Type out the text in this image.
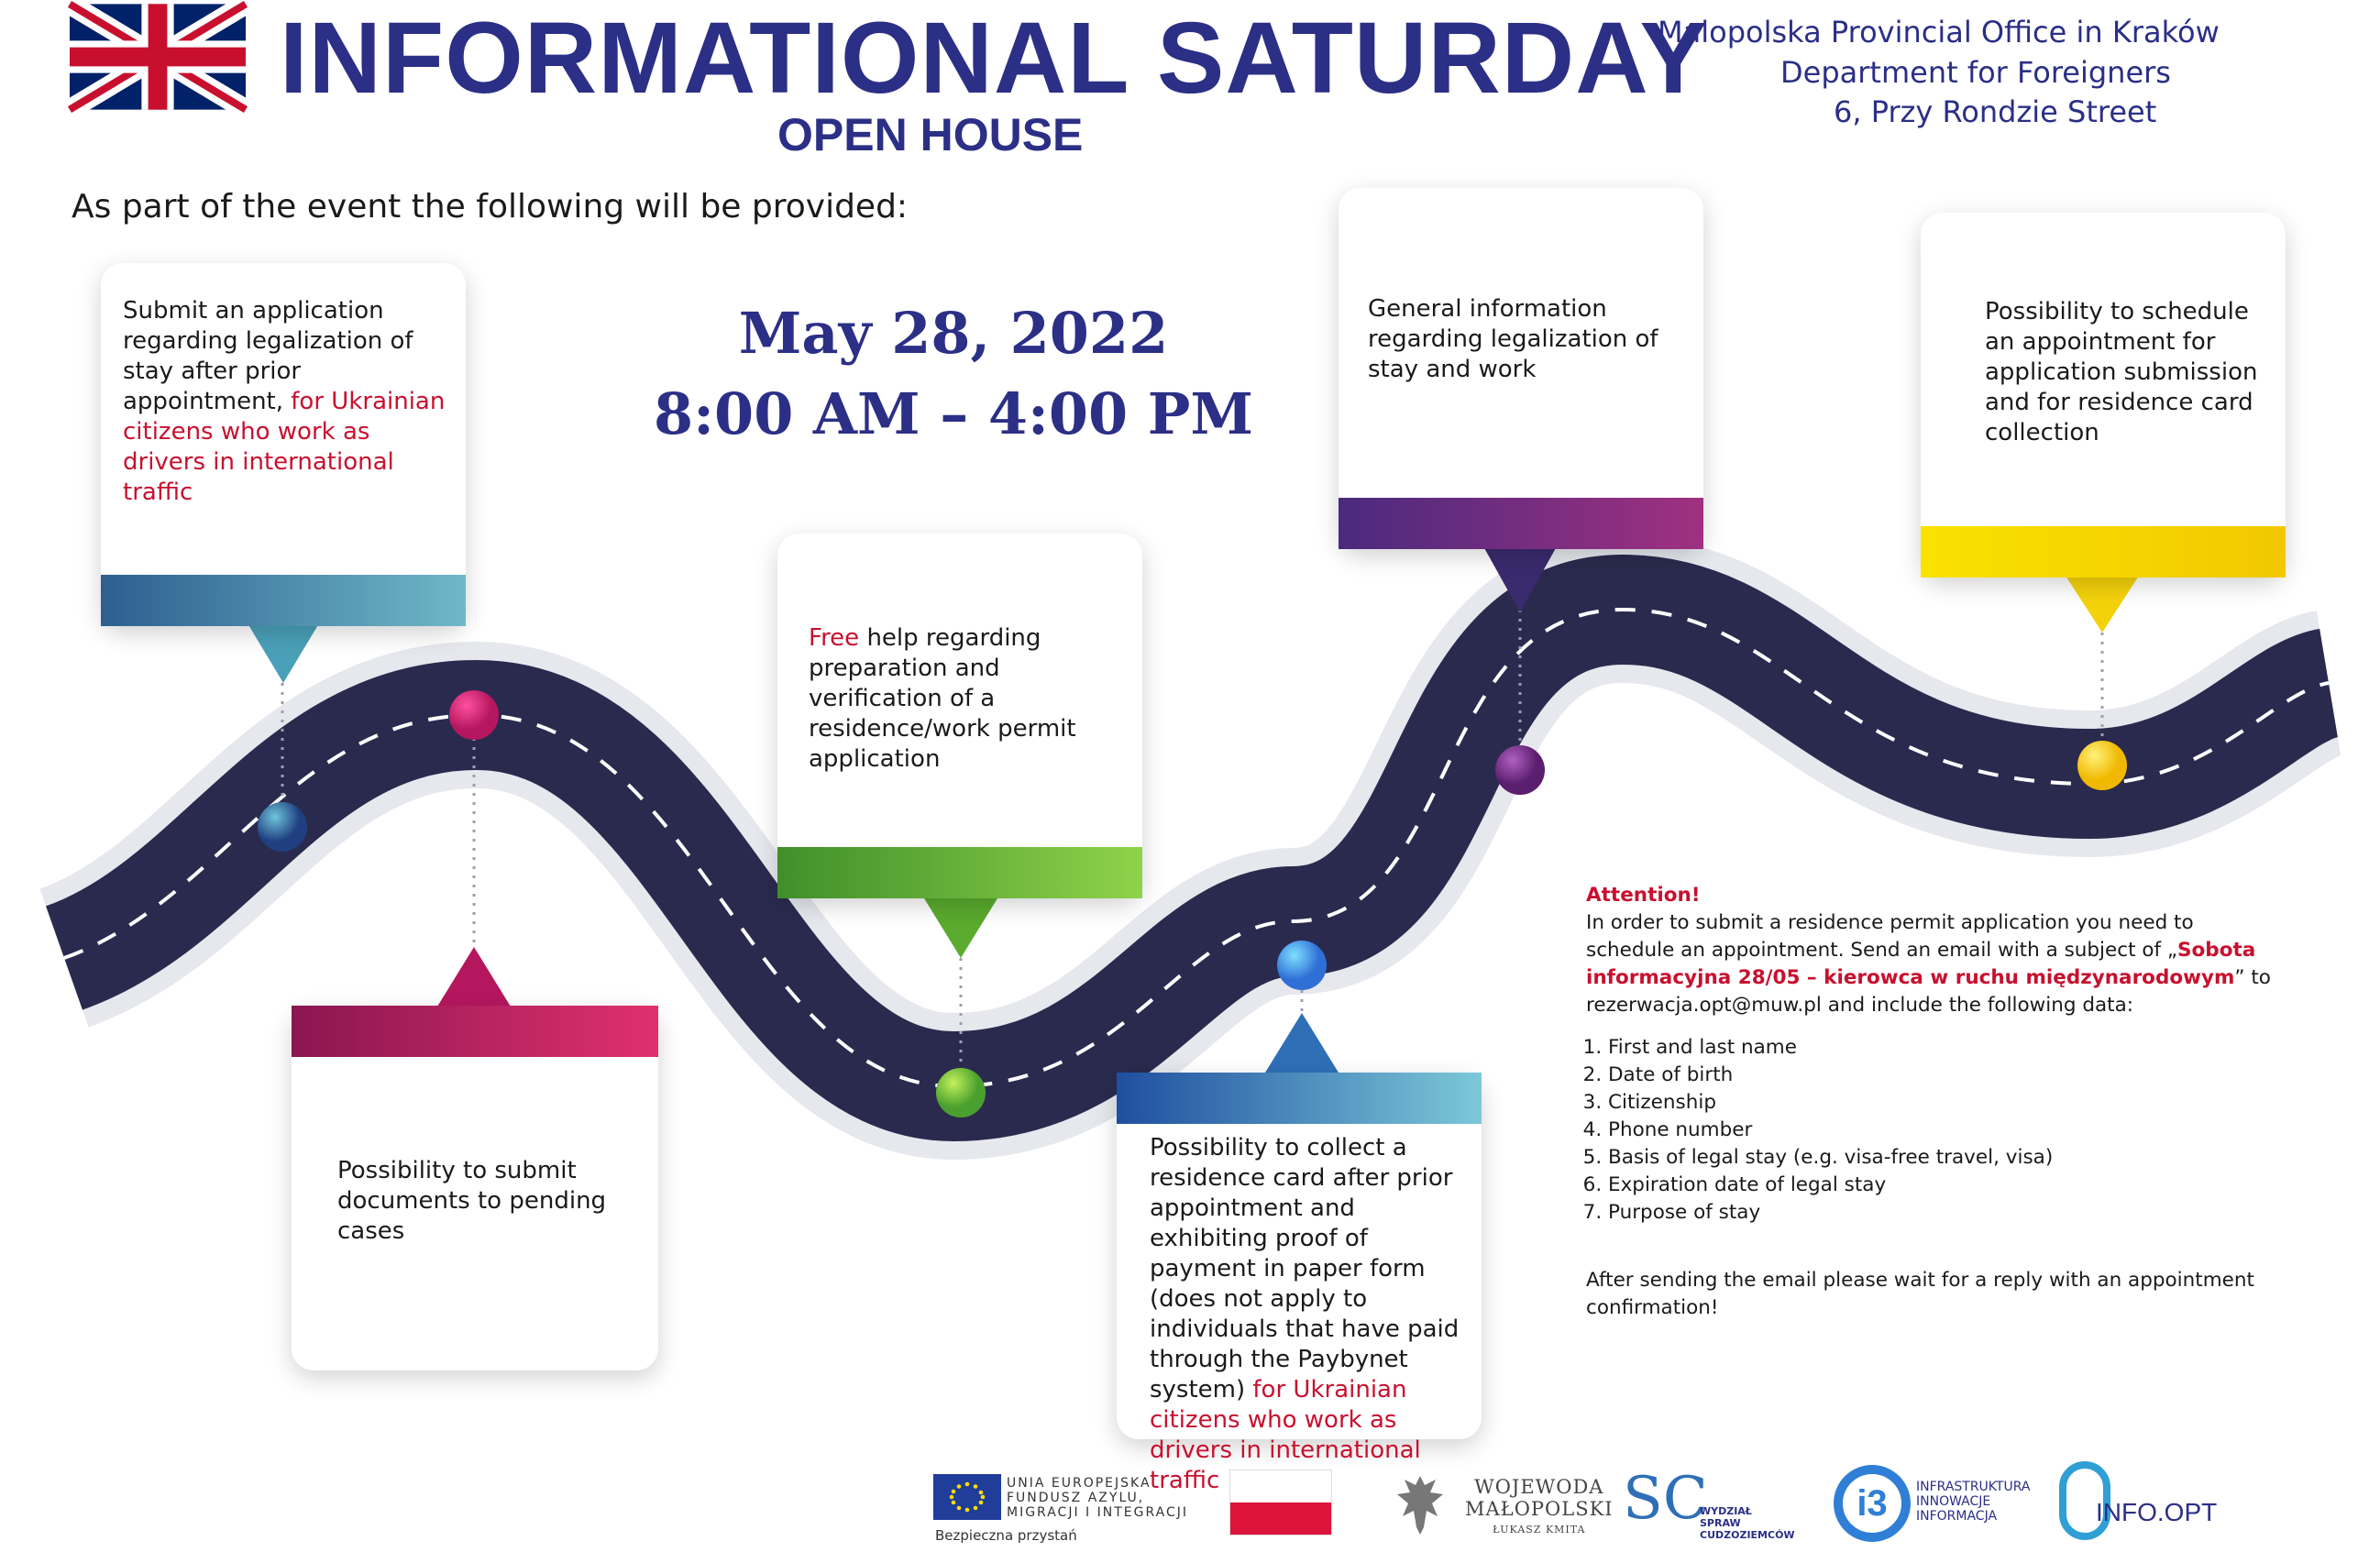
INFORMATIONAL SATURDAY
OPEN HOUSE
Malopolska Provincial Office in Kraków
Department for Foreigners
6, Przy Rondzie Street
As part of the event the following will be provided:
May 28, 2022
8:00 AM – 4:00 PM
Submit an application regarding legalization of stay after prior appointment, for Ukrainian citizens who work as drivers in international traffic
Possibility to submit documents to pending cases
Free help regarding preparation and verification of a residence/work permit application
Possibility to collect a residence card after prior appointment and exhibiting proof of payment in paper form (does not apply to individuals that have paid through the Paybynet system) for Ukrainian citizens who work as drivers in international traffic
General information regarding legalization of stay and work
Possibility to schedule an appointment for application submission and for residence card collection
Attention!
In order to submit a residence permit application you need to schedule an appointment. Send an email with a subject of „Sobota informacyjna 28/05 – kierowca w ruchu międzynarodowym” to rezerwacja.opt@muw.pl and include the following data:
1. First and last name
2. Date of birth
3. Citizenship
4. Phone number
5. Basis of legal stay (e.g. visa-free travel, visa)
6. Expiration date of legal stay
7. Purpose of stay
After sending the email please wait for a reply with an appointment confirmation!
UNIA EUROPEJSKA
FUNDUSZ AZYLU,
MIGRACJI I INTEGRACJI
Bezpieczna przystań
WOJEWODA
MAŁOPOLSKI
ŁUKASZ KMITA SC
WYDZIAŁ SPRAW
CUDZOZIEMCÓW
i3	INFRASTRUKTURA
INNOWACJE
INFORMACJA	INFO.OPT
